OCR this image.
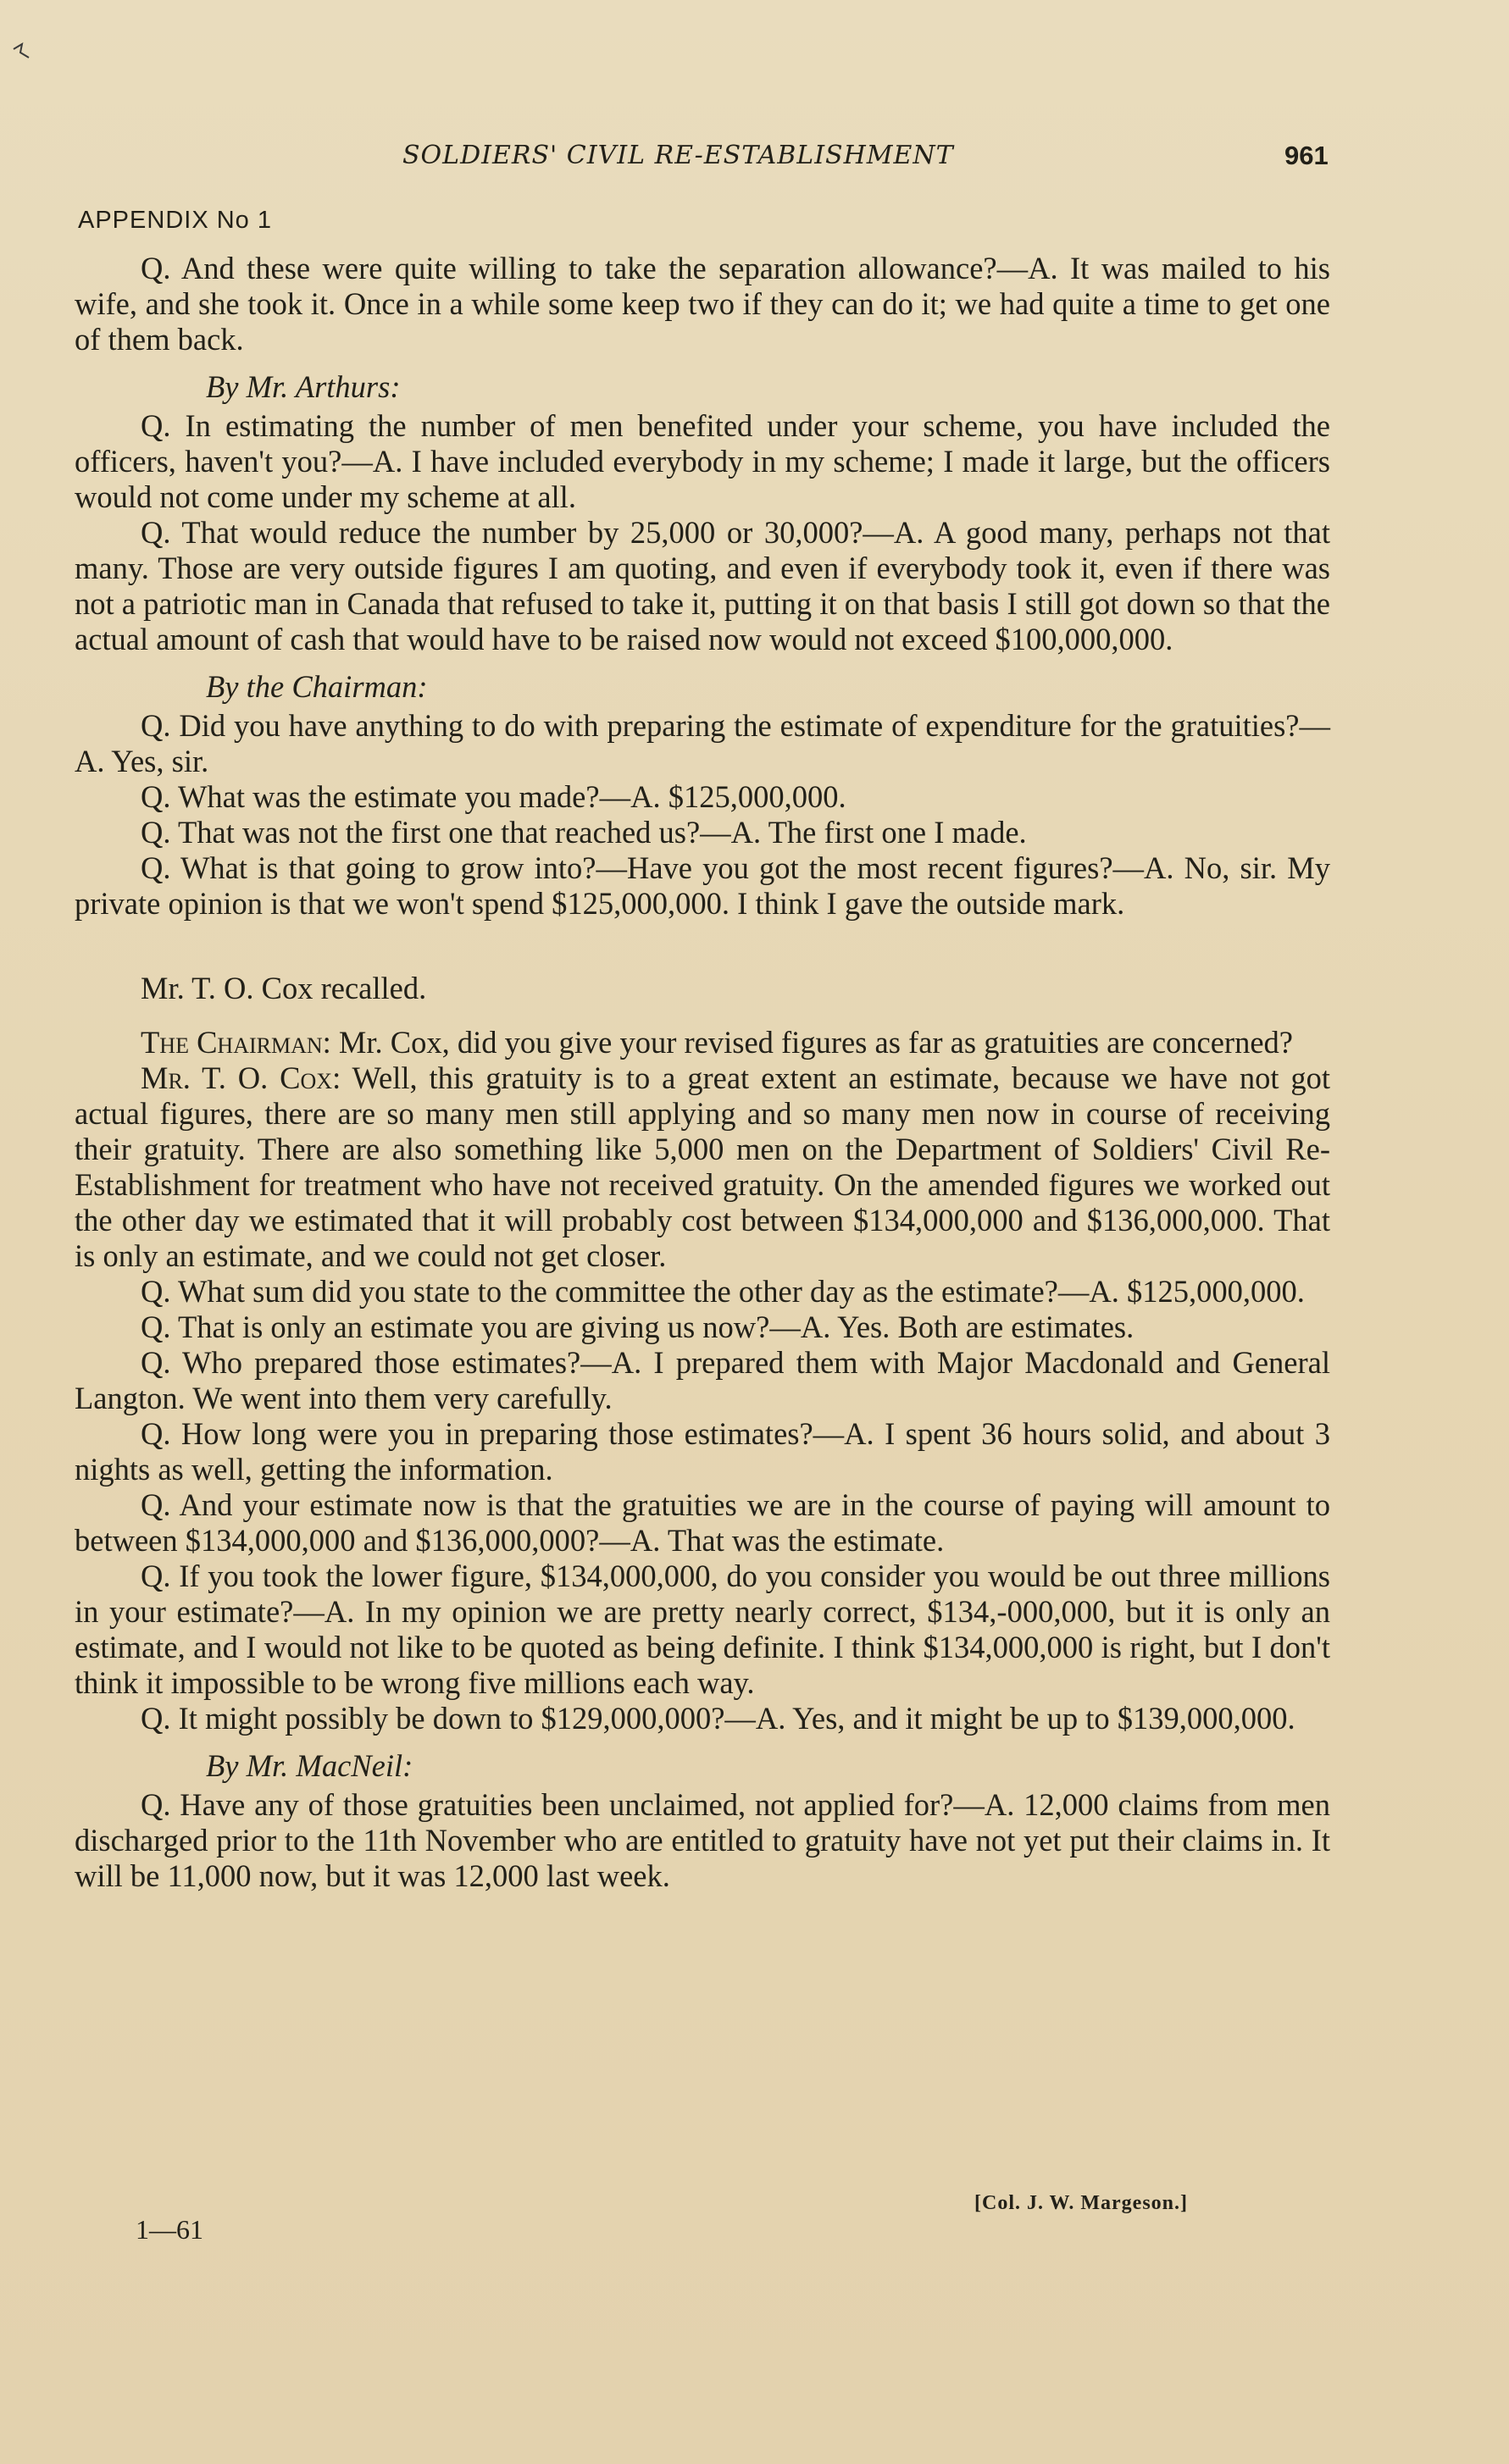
SOLDIERS' CIVIL RE-ESTABLISHMENT	961
APPENDIX No 1

Q. And these were quite willing to take the separation allowance?—A. It was mailed to his wife, and she took it. Once in a while some keep two if they can do it; we had quite a time to get one of them back.

By Mr. Arthurs:

Q. In estimating the number of men benefited under your scheme, you have included the officers, haven't you?—A. I have included everybody in my scheme; I made it large, but the officers would not come under my scheme at all.

Q. That would reduce the number by 25,000 or 30,000?—A. A good many, perhaps not that many. Those are very outside figures I am quoting, and even if everybody took it, even if there was not a patriotic man in Canada that refused to take it, putting it on that basis I still got down so that the actual amount of cash that would have to be raised now would not exceed $100,000,000.

By the Chairman:

Q. Did you have anything to do with preparing the estimate of expenditure for the gratuities?—A. Yes, sir.

Q. What was the estimate you made?—A. $125,000,000.

Q. That was not the first one that reached us?—A. The first one I made.

Q. What is that going to grow into?—Have you got the most recent figures?—A. No, sir. My private opinion is that we won't spend $125,000,000. I think I gave the outside mark.

Mr. T. O. Cox recalled.

The Chairman: Mr. Cox, did you give your revised figures as far as gratuities are concerned?

Mr. T. O. Cox: Well, this gratuity is to a great extent an estimate, because we have not got actual figures, there are so many men still applying and so many men now in course of receiving their gratuity. There are also something like 5,000 men on the Department of Soldiers' Civil Re-Establishment for treatment who have not received gratuity. On the amended figures we worked out the other day we estimated that it will probably cost between $134,000,000 and $136,000,000. That is only an estimate, and we could not get closer.

Q. What sum did you state to the committee the other day as the estimate?—A. $125,000,000.

Q. That is only an estimate you are giving us now?—A. Yes. Both are estimates.

Q. Who prepared those estimates?—A. I prepared them with Major Macdonald and General Langton. We went into them very carefully.

Q. How long were you in preparing those estimates?—A. I spent 36 hours solid, and about 3 nights as well, getting the information.

Q. And your estimate now is that the gratuities we are in the course of paying will amount to between $134,000,000 and $136,000,000?—A. That was the estimate.

Q. If you took the lower figure, $134,000,000, do you consider you would be out three millions in your estimate?—A. In my opinion we are pretty nearly correct, $134,-000,000, but it is only an estimate, and I would not like to be quoted as being definite. I think $134,000,000 is right, but I don't think it impossible to be wrong five millions each way.

Q. It might possibly be down to $129,000,000?—A. Yes, and it might be up to $139,000,000.

By Mr. MacNeil:

Q. Have any of those gratuities been unclaimed, not applied for?—A. 12,000 claims from men discharged prior to the 11th November who are entitled to gratuity have not yet put their claims in. It will be 11,000 now, but it was 12,000 last week.

[Col. J. W. Margeson.]
1—61
